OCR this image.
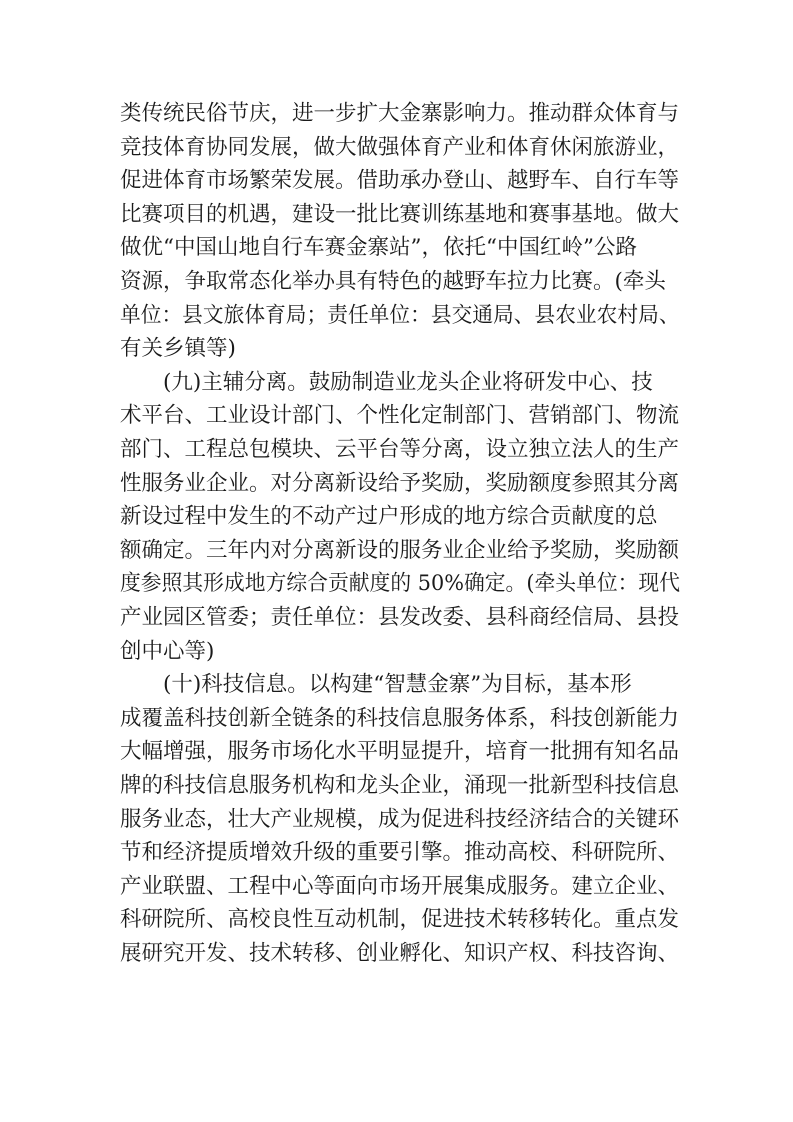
类传统民俗节庆，进一步扩大金寨影响力。推动群众体育与
竞技体育协同发展，做大做强体育产业和体育休闲旅游业，
促进体育市场繁荣发展。借助承办登山、越野车、自行车等
比赛项目的机遇，建设一批比赛训练基地和赛事基地。做大
做优“中国山地自行车赛金寨站”，依托“中国红岭”公路
资源，争取常态化举办具有特色的越野车拉力比赛。(牵头
单位：县文旅体育局；责任单位：县交通局、县农业农村局、
有关乡镇等)
(九)主辅分离。鼓励制造业龙头企业将研发中心、技
术平台、工业设计部门、个性化定制部门、营销部门、物流
部门、工程总包模块、云平台等分离，设立独立法人的生产
性服务业企业。对分离新设给予奖励，奖励额度参照其分离
新设过程中发生的不动产过户形成的地方综合贡献度的总
额确定。三年内对分离新设的服务业企业给予奖励，奖励额
度参照其形成地方综合贡献度的 50%确定。(牵头单位：现代
产业园区管委；责任单位：县发改委、县科商经信局、县投
创中心等)
(十)科技信息。以构建“智慧金寨”为目标，基本形
成覆盖科技创新全链条的科技信息服务体系，科技创新能力
大幅增强，服务市场化水平明显提升，培育一批拥有知名品
牌的科技信息服务机构和龙头企业，涌现一批新型科技信息
服务业态，壮大产业规模，成为促进科技经济结合的关键环
节和经济提质增效升级的重要引擎。推动高校、科研院所、
产业联盟、工程中心等面向市场开展集成服务。建立企业、
科研院所、高校良性互动机制，促进技术转移转化。重点发
展研究开发、技术转移、创业孵化、知识产权、科技咨询、
